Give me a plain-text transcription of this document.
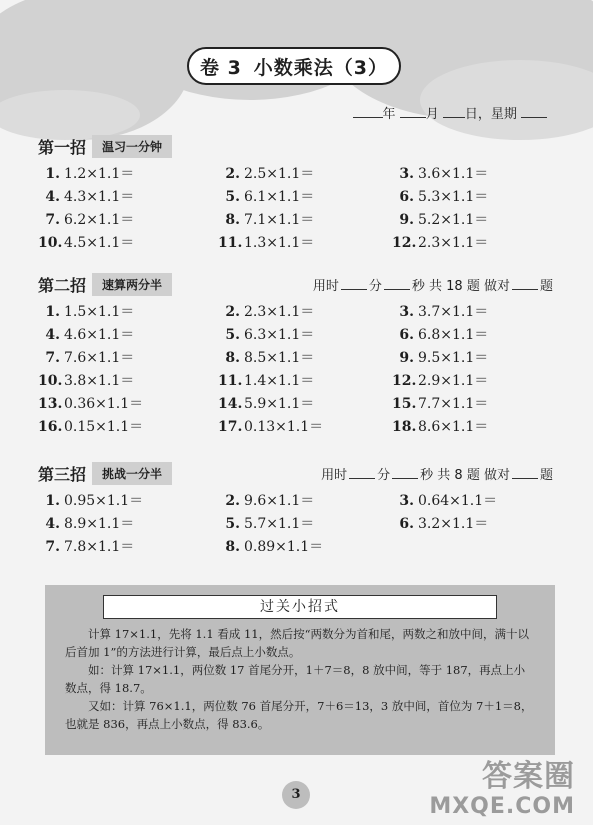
卷 3 小数乘法（3）
年 月 日，星期
第一招	温习一分钟
1. 1.2×1.1＝	2. 2.5×1.1＝	3. 3.6×1.1＝
4. 4.3×1.1＝	5. 6.1×1.1＝	6. 5.3×1.1＝
7. 6.2×1.1＝	8. 7.1×1.1＝	9. 5.2×1.1＝
10. 4.5×1.1＝	11. 1.3×1.1＝	12. 2.3×1.1＝
第二招	速算两分半	用时 分 秒 共 18 题 做对 题
1. 1.5×1.1＝	2. 2.3×1.1＝	3. 3.7×1.1＝
4. 4.6×1.1＝	5. 6.3×1.1＝	6. 6.8×1.1＝
7. 7.6×1.1＝	8. 8.5×1.1＝	9. 9.5×1.1＝
10. 3.8×1.1＝	11. 1.4×1.1＝	12. 2.9×1.1＝
13. 0.36×1.1＝	14. 5.9×1.1＝	15. 7.7×1.1＝
16. 0.15×1.1＝	17. 0.13×1.1＝	18. 8.6×1.1＝
第三招	挑战一分半	用时 分 秒 共 8 题 做对 题
1. 0.95×1.1＝	2. 9.6×1.1＝	3. 0.64×1.1＝
4. 8.9×1.1＝	5. 5.7×1.1＝	6. 3.2×1.1＝
7. 7.8×1.1＝	8. 0.89×1.1＝
过关小招式

计算 17×1.1，先将 1.1 看成 11，然后按“两数分为首和尾，两数之和放中间，满十以后首加 1”的方法进行计算，最后点上小数点。

如：计算 17×1.1，两位数 17 首尾分开，1＋7＝8，8 放中间，等于 187，再点上小数点，得 18.7。

又如：计算 76×1.1，两位数 76 首尾分开，7＋6＝13，3 放中间，首位为 7＋1＝8，也就是 836，再点上小数点，得 83.6。

3
答案圈
MXQE.COM
